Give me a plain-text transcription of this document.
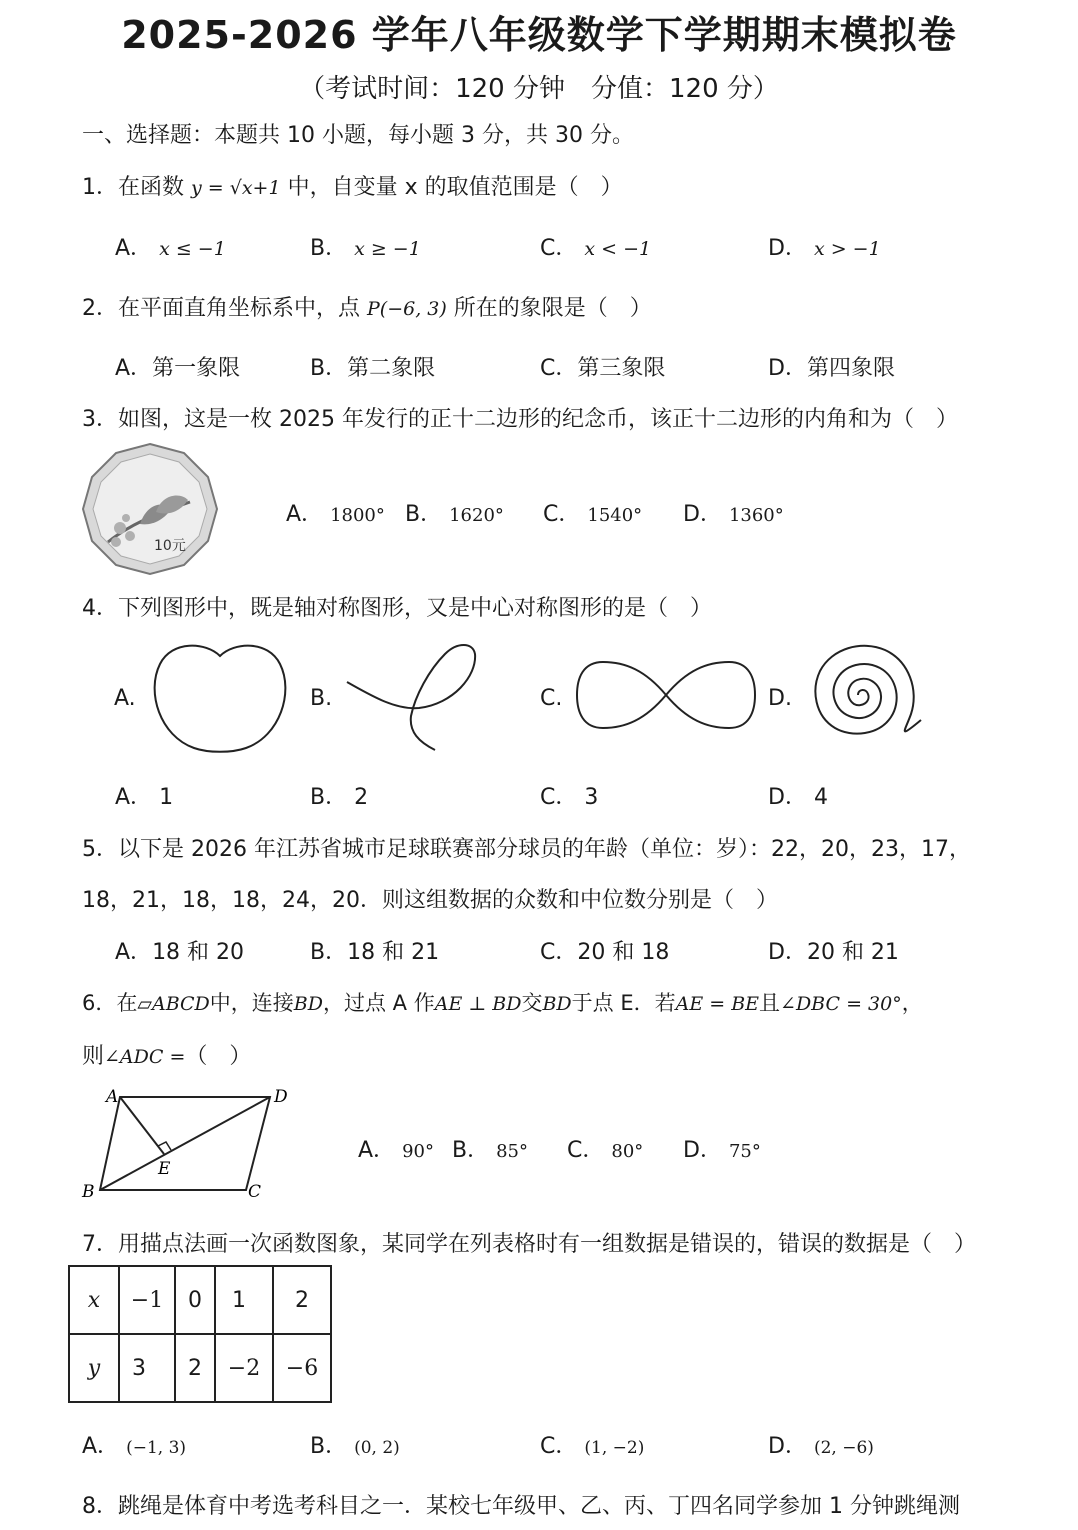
2025-2026 学年八年级数学下学期期末模拟卷
（考试时间：120 分钟　分值：120 分）
一、选择题：本题共 10 小题，每小题 3 分，共 30 分。
1．在函数 y = √x+1 中，自变量 x 的取值范围是（　）
A． x ≤ −1	B． x ≥ −1	C． x < −1	D． x > −1
2．在平面直角坐标系中，点 P(−6, 3) 所在的象限是（　）
A．第一象限	B．第二象限	C．第三象限	D．第四象限
3．如图，这是一枚 2025 年发行的正十二边形的纪念币，该正十二边形的内角和为（　）
10元
A． 1800° B． 1620° C． 1540° D． 1360°
4．下列图形中，既是轴对称图形，又是中心对称图形的是（　）
A.	B.	C.	D.
A． 1	B． 2	C． 3	D． 4
5．以下是 2026 年江苏省城市足球联赛部分球员的年龄（单位：岁）：22，20，23，17，
18，21，18，18，24，20．则这组数据的众数和中位数分别是（　）
A．18 和 20	B．18 和 21	C．20 和 18	D．20 和 21
6．在▱ABCD中，连接BD，过点 A 作AE ⊥ BD交BD于点 E．若AE = BE且∠DBC = 30°，
则∠ADC =（　）
A	D
B	C
E
A． 90° B． 85° C． 80° D． 75°
7．用描点法画一次函数图象，某同学在列表格时有一组数据是错误的，错误的数据是（　）
x	−1	0	1	2
y	3	2	−2	−6
A． (−1, 3)	B． (0, 2)	C． (1, −2)	D． (2, −6)
8．跳绳是体育中考选考科目之一．某校七年级甲、乙、丙、丁四名同学参加 1 分钟跳绳测
